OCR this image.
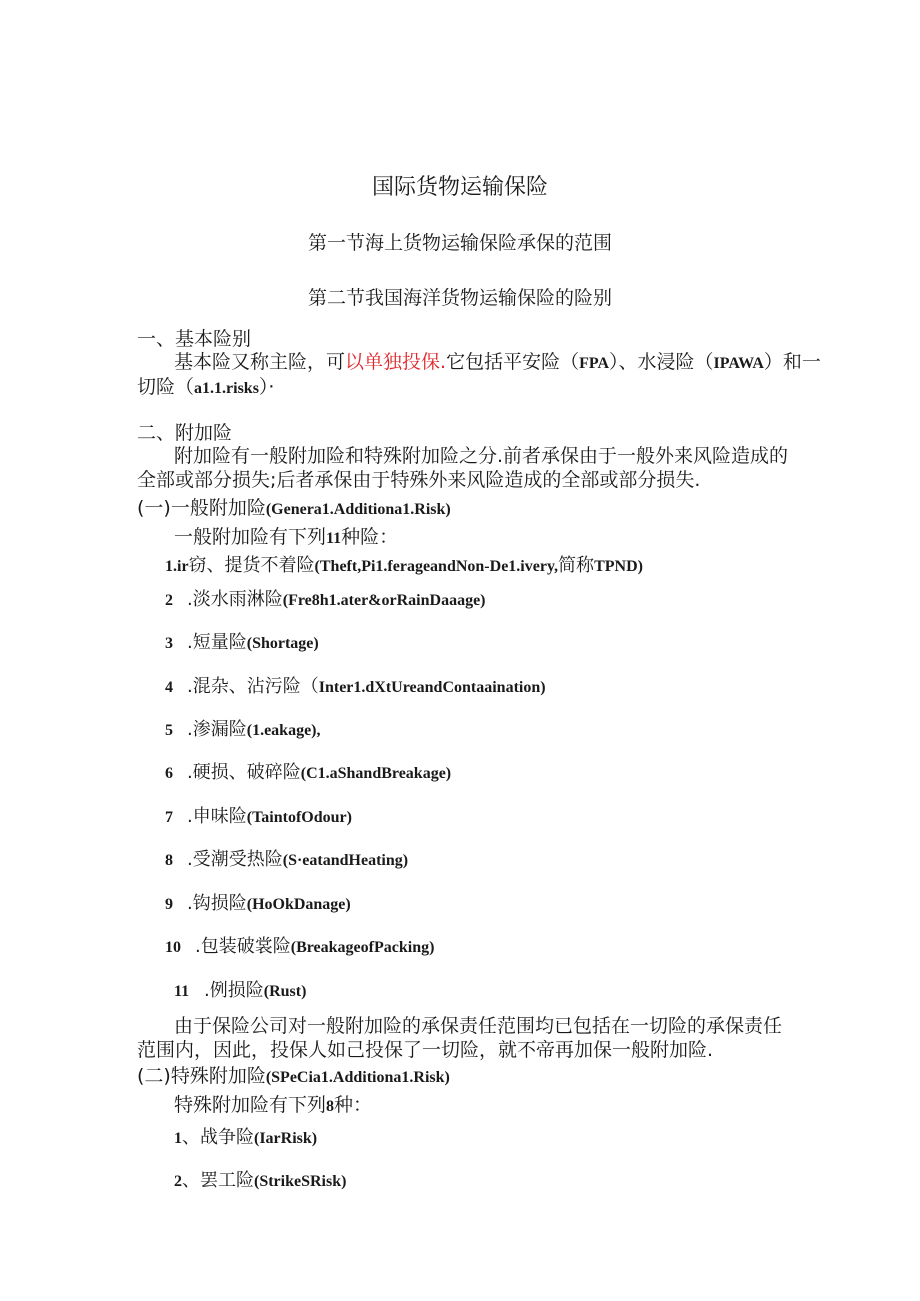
国际货物运输保险
第一节海上货物运输保险承保的范围
第二节我国海洋货物运输保险的险别
一、基本险别
基本险又称主险，可以单独投保.它包括平安险（FPA）、水浸险（IPAWA）和一
切险（a1.1.risks）·
二、附加险
附加险有一般附加险和特殊附加险之分.前者承保由于一般外来风险造成的
全部或部分损失;后者承保由于特殊外来风险造成的全部或部分损失.
(一)一般附加险(Genera1.Additiona1.Risk)
一般附加险有下列11种险：
1.ir窃、提货不着险(Theft,Pi1.ferageandNon-De1.ivery,简称TPND)
2 .淡水雨淋险(Fre8h1.ater&orRainDaaage)
3 .短量险(Shortage)
4 .混杂、沾污险（Inter1.dXtUreandContaaination)
5 .渗漏险(1.eakage),
6 .硬损、破碎险(C1.aShandBreakage)
7 .申味险(TaintofOdour)
8 .受潮受热险(S·eatandHeating)
9 .钩损险(HoOkDanage)
10 .包装破裳险(BreakageofPacking)
11 .例损险(Rust)
由于保险公司对一般附加险的承保责任范围均已包括在一切险的承保责任
范围内，因此，投保人如己投保了一切险，就不帝再加保一般附加险.
(二)特殊附加险(SPeCia1.Additiona1.Risk)
特殊附加险有下列8种：
1、战争险(IarRisk)
2、罢工险(StrikeSRisk)
